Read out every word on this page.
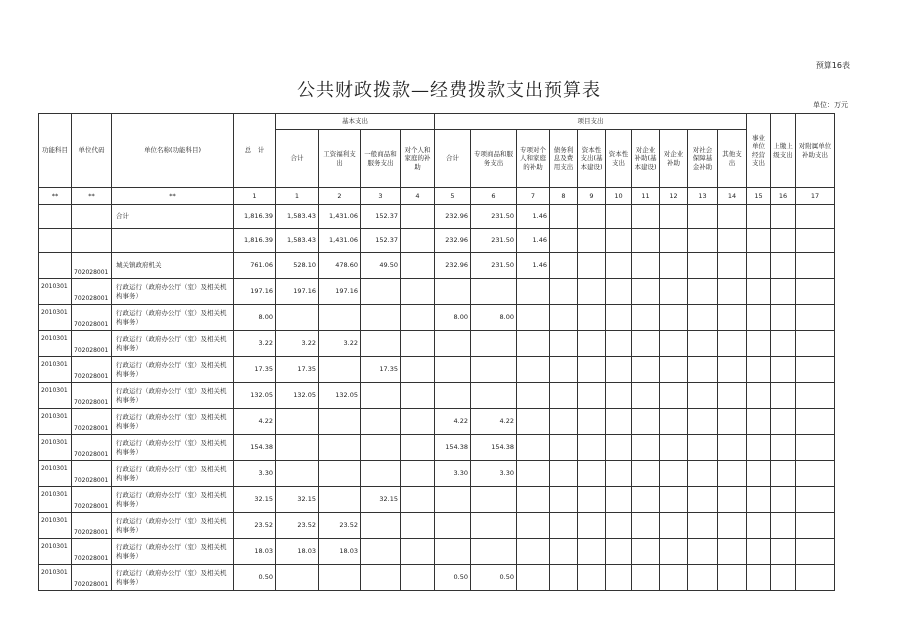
预算16表
公共财政拨款—经费拨款支出预算表
单位：万元
功能科目	单位代码	单位名称(功能科目)	总　计	基本支出				项目支出										事业单位经营支出	上缴上级支出	对附属单位补助支出
				合计	工资福利支出	一般商品和服务支出	对个人和家庭的补助	合计	专项商品和服务支出	专项对个人和家庭的补助	债务利息及费用支出	资本性支出(基本建设)	资本性支出	对企业补助(基本建设)	对企业补助	对社会保障基金补助	其他支出			
**	**	**	1	1	2	3	4	5	6	7	8	9	10	11	12	13	14	15	16	17
		合计	1,816.39	1,583.43	1,431.06	152.37		232.96	231.50	1.46										
			1,816.39	1,583.43	1,431.06	152.37		232.96	231.50	1.46										
	702028001	城关镇政府机关	761.06	528.10	478.60	49.50		232.96	231.50	1.46										
2010301	702028001	行政运行（政府办公厅（室）及相关机构事务）	197.16	197.16	197.16															
2010301	702028001	行政运行（政府办公厅（室）及相关机构事务）	8.00					8.00	8.00											
2010301	702028001	行政运行（政府办公厅（室）及相关机构事务）	3.22	3.22	3.22															
2010301	702028001	行政运行（政府办公厅（室）及相关机构事务）	17.35	17.35		17.35														
2010301	702028001	行政运行（政府办公厅（室）及相关机构事务）	132.05	132.05	132.05															
2010301	702028001	行政运行（政府办公厅（室）及相关机构事务）	4.22					4.22	4.22											
2010301	702028001	行政运行（政府办公厅（室）及相关机构事务）	154.38					154.38	154.38											
2010301	702028001	行政运行（政府办公厅（室）及相关机构事务）	3.30					3.30	3.30											
2010301	702028001	行政运行（政府办公厅（室）及相关机构事务）	32.15	32.15		32.15														
2010301	702028001	行政运行（政府办公厅（室）及相关机构事务）	23.52	23.52	23.52															
2010301	702028001	行政运行（政府办公厅（室）及相关机构事务）	18.03	18.03	18.03															
2010301	702028001	行政运行（政府办公厅（室）及相关机构事务）	0.50					0.50	0.50											
